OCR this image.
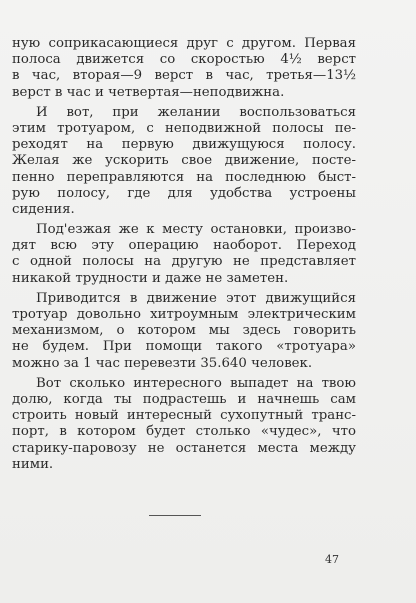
ную соприкасающиеся друг с другом. Первая
полоса движется со скоростью 4½ верст
в час, вторая—9 верст в час, третья—13½
верст в час и четвертая—неподвижна.
И вот, при желании воспользоваться
этим тротуаром, с неподвижной полосы пе-
реходят на первую движущуюся полосу.
Желая же ускорить свое движение, посте-
пенно переправляются на последнюю быст-
рую полосу, где для удобства устроены
сидения.
Под'езжая же к месту остановки, произво-
дят всю эту операцию наоборот. Переход
с одной полосы на другую не представляет
никакой трудности и даже не заметен.
Приводится в движение этот движущийся
тротуар довольно хитроумным электрическим
механизмом, о котором мы здесь говорить
не будем. При помощи такого «тротуара»
можно за 1 час перевезти 35.640 человек.
Вот сколько интересного выпадет на твою
долю, когда ты подрастешь и начнешь сам
строить новый интересный сухопутный транс-
порт, в котором будет столько «чудес», что
старику-паровозу не останется места между
ними.
47
